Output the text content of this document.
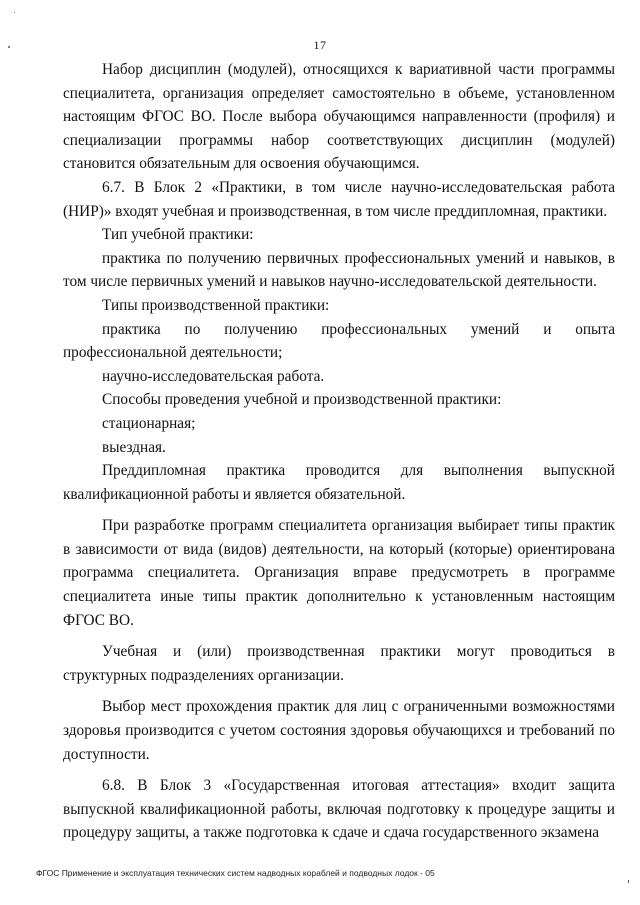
17

Набор дисциплин (модулей), относящихся к вариативной части программы специалитета, организация определяет самостоятельно в объеме, установленном настоящим ФГОС ВО. После выбора обучающимся направленности (профиля) и специализации программы набор соответствующих дисциплин (модулей) становится обязательным для освоения обучающимся.

6.7. В Блок 2 «Практики, в том числе научно-исследовательская работа (НИР)» входят учебная и производственная, в том числе преддипломная, практики.

Тип учебной практики:

практика по получению первичных профессиональных умений и навыков, в том числе первичных умений и навыков научно-исследовательской деятельности.

Типы производственной практики:

практика по получению профессиональных умений и опыта профессиональной деятельности;

научно-исследовательская работа.

Способы проведения учебной и производственной практики:

стационарная;

выездная.

Преддипломная практика проводится для выполнения выпускной квалификационной работы и является обязательной.

При разработке программ специалитета организация выбирает типы практик в зависимости от вида (видов) деятельности, на который (которые) ориентирована программа специалитета. Организация вправе предусмотреть в программе специалитета иные типы практик дополнительно к установленным настоящим ФГОС ВО.

Учебная и (или) производственная практики могут проводиться в структурных подразделениях организации.

Выбор мест прохождения практик для лиц с ограниченными возможностями здоровья производится с учетом состояния здоровья обучающихся и требований по доступности.

6.8. В Блок 3 «Государственная итоговая аттестация» входит защита выпускной квалификационной работы, включая подготовку к процедуре защиты и процедуру защиты, а также подготовка к сдаче и сдача государственного экзамена

ФГОС Применение и эксплуатация технических систем надводных кораблей и подводных лодок - 05
